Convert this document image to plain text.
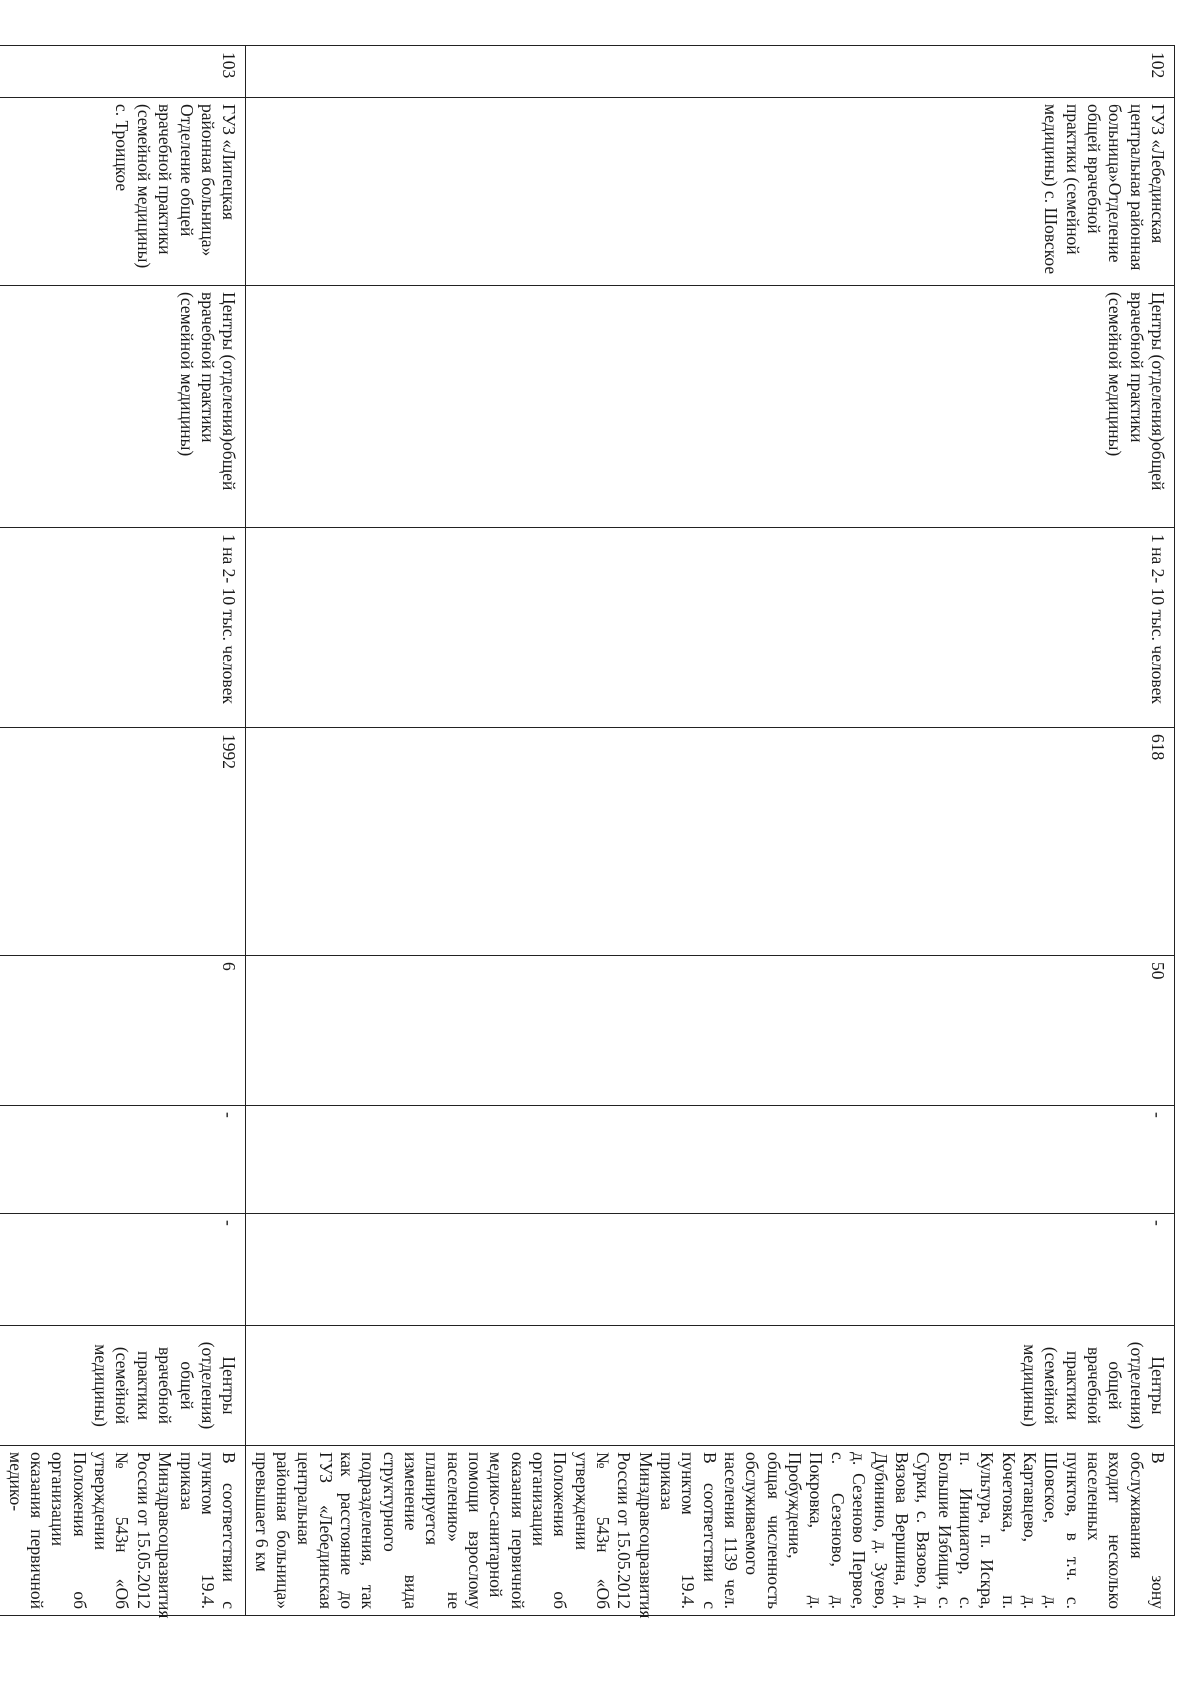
102	ГУЗ «Лебединская центральная районная больница»Отделение общей врачебной практики (семейной медицины) с. Шовское	Центры (отделения)общей врачебной практики (семейной медицины)	1 на 2- 10 тыс. человек	618	50	-	-	Центры (отделения) общей врачебной практики (семейной медицины)	В зону обслуживания входит несколько населенных пунктов, в т.ч. с. Шовское, д. Картавцево, д. Кочетовка, п. Культура, п. Искра, п. Инициатор, с. Большие Избищи, с. Сурки, с. Вязово, д. Вязова Вершина, д. Дубинино, д. Зуево, д. Сезеново Первое, с. Сезеново, д. Покровка, д. Пробуждение, общая численность обслуживаемого населения 1139 чел. В соответствии с пунктом 19.4. приказа Минздравсоцразвития России от 15.05.2012 № 543н «Об утверждении Положения об организации оказания первичной медико-санитарной помощи взрослому населению» не планируется изменение вида структурного подразделения, так как расстояние до ГУЗ «Лебединская центральная районная больница» превышает 6 км
103	ГУЗ «Липецкая районная больница» Отделение общей врачебной практики (семейной медицины) с. Троицкое	Центры (отделения)общей врачебной практики (семейной медицины)	1 на 2- 10 тыс. человек	1992	6	-	-	Центры (отделения) общей врачебной практики (семейной медицины)	В соответствии с пунктом 19.4. приказа Минздравсоцразвития России от 15.05.2012 № 543н «Об утверждении Положения об организации оказания первичной медико-
